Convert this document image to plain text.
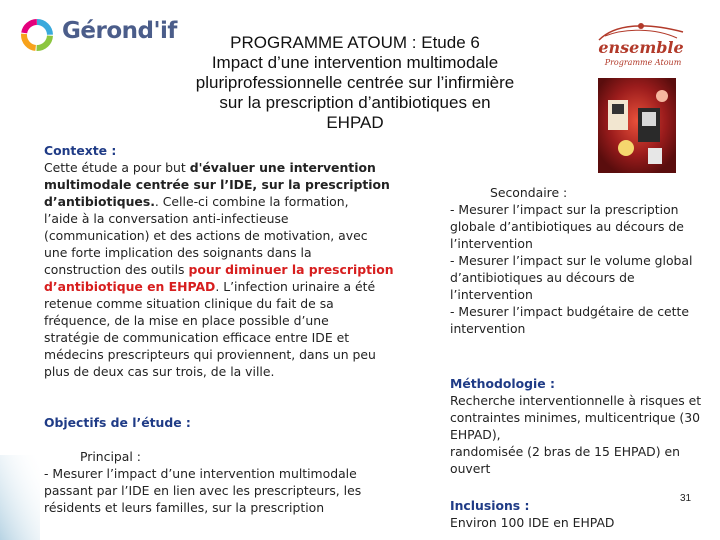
Gérond'if	PROGRAMME ATOUM : Etude 6
Impact d’une intervention multimodale
pluriprofessionnelle centrée sur l’infirmière
sur la prescription d’antibiotiques en
EHPAD
ensemble
Programme Atoum
Contexte :
Cette étude a pour but d'évaluer une intervention
multimodale centrée sur l’IDE, sur la prescription
d’antibiotiques.. Celle-ci combine la formation,
l’aide à la conversation anti-infectieuse
(communication) et des actions de motivation, avec
une forte implication des soignants dans la
construction des outils pour diminuer la prescription
d’antibiotique en EHPAD. L’infection urinaire a été
retenue comme situation clinique du fait de sa
fréquence, de la mise en place possible d’une
stratégie de communication efficace entre IDE et
médecins prescripteurs qui proviennent, dans un peu
plus de deux cas sur trois, de la ville.
Objectifs de l’étude :
Principal :
- Mesurer l’impact d’une intervention multimodale
passant par l’IDE en lien avec les prescripteurs, les
résidents et leurs familles, sur la prescription
Secondaire :
- Mesurer l’impact sur la prescription
globale d’antibiotiques au décours de
l’intervention
- Mesurer l’impact sur le volume global
d’antibiotiques au décours de
l’intervention
- Mesurer l’impact budgétaire de cette
intervention
Méthodologie :
Recherche interventionnelle à risques et
contraintes minimes, multicentrique (30
EHPAD),
randomisée (2 bras de 15 EHPAD) en
ouvert
Inclusions :
Environ 100 IDE en EHPAD
31
